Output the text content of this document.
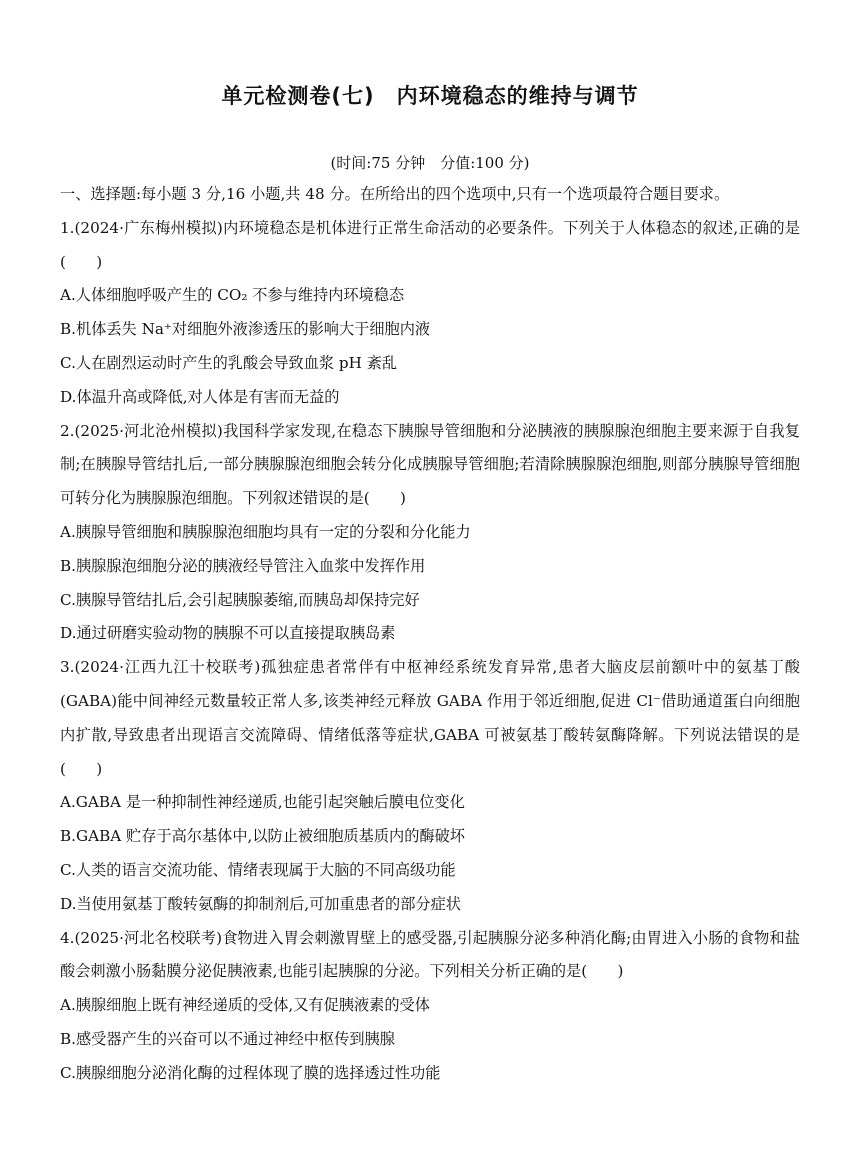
单元检测卷(七)　内环境稳态的维持与调节
(时间:75 分钟　分值:100 分)

一、选择题:每小题 3 分,16 小题,共 48 分。在所给出的四个选项中,只有一个选项最符合题目要求。

1.(2024·广东梅州模拟)内环境稳态是机体进行正常生命活动的必要条件。下列关于人体稳态的叙述,正确的是(　　)

A.人体细胞呼吸产生的 CO₂ 不参与维持内环境稳态

B.机体丢失 Na⁺对细胞外液渗透压的影响大于细胞内液

C.人在剧烈运动时产生的乳酸会导致血浆 pH 紊乱

D.体温升高或降低,对人体是有害而无益的

2.(2025·河北沧州模拟)我国科学家发现,在稳态下胰腺导管细胞和分泌胰液的胰腺腺泡细胞主要来源于自我复制;在胰腺导管结扎后,一部分胰腺腺泡细胞会转分化成胰腺导管细胞;若清除胰腺腺泡细胞,则部分胰腺导管细胞可转分化为胰腺腺泡细胞。下列叙述错误的是(　　)

A.胰腺导管细胞和胰腺腺泡细胞均具有一定的分裂和分化能力

B.胰腺腺泡细胞分泌的胰液经导管注入血浆中发挥作用

C.胰腺导管结扎后,会引起胰腺萎缩,而胰岛却保持完好

D.通过研磨实验动物的胰腺不可以直接提取胰岛素

3.(2024·江西九江十校联考)孤独症患者常伴有中枢神经系统发育异常,患者大脑皮层前额叶中的氨基丁酸(GABA)能中间神经元数量较正常人多,该类神经元释放 GABA 作用于邻近细胞,促进 Cl⁻借助通道蛋白向细胞内扩散,导致患者出现语言交流障碍、情绪低落等症状,GABA 可被氨基丁酸转氨酶降解。下列说法错误的是(　　)

A.GABA 是一种抑制性神经递质,也能引起突触后膜电位变化

B.GABA 贮存于高尔基体中,以防止被细胞质基质内的酶破坏

C.人类的语言交流功能、情绪表现属于大脑的不同高级功能

D.当使用氨基丁酸转氨酶的抑制剂后,可加重患者的部分症状

4.(2025·河北名校联考)食物进入胃会刺激胃壁上的感受器,引起胰腺分泌多种消化酶;由胃进入小肠的食物和盐酸会刺激小肠黏膜分泌促胰液素,也能引起胰腺的分泌。下列相关分析正确的是(　　)

A.胰腺细胞上既有神经递质的受体,又有促胰液素的受体

B.感受器产生的兴奋可以不通过神经中枢传到胰腺

C.胰腺细胞分泌消化酶的过程体现了膜的选择透过性功能
